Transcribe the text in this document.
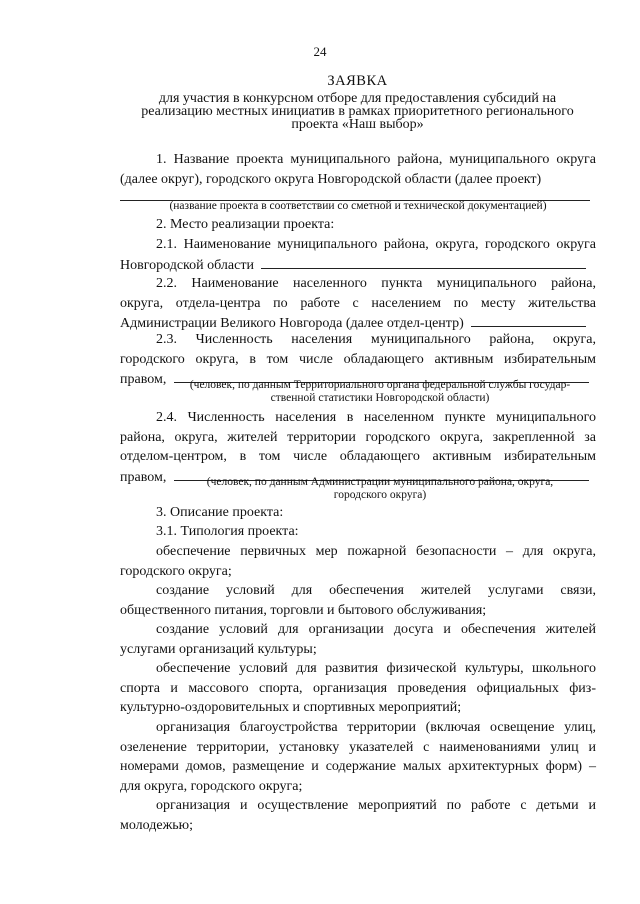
24
ЗАЯВКА
для участия в конкурсном отборе для предоставления субсидий на
реализацию местных инициатив в рамках приоритетного регионального
проекта «Наш выбор»
1. Название проекта муниципального района, муниципального округа
(далее округ), городского округа Новгородской области (далее проект)
(название проекта в соответствии со сметной и технической документацией)
2. Место реализации проекта:
2.1. Наименование муниципального района, округа, городского округа
Новгородской области
2.2. Наименование населенного пункта муниципального района,
округа, отдела-центра по работе с населением по месту жительства
Администрации Великого Новгорода (далее отдел-центр)
2.3. Численность населения муниципального района, округа,
городского округа, в том числе обладающего активным избирательным
правом,	(человек, по данным Территориального органа федеральной службы государ-
ственной статистики Новгородской области)
2.4. Численность населения в населенном пункте муниципального
района, округа, жителей территории городского округа, закрепленной за
отделом-центром, в том числе обладающего активным избирательным
правом,	(человек, по данным Администрации муниципального района, округа,
городского округа)
3. Описание проекта:
3.1. Типология проекта:
обеспечение первичных мер пожарной безопасности – для округа,
городского округа;
создание условий для обеспечения жителей услугами связи,
общественного питания, торговли и бытового обслуживания;
создание условий для организации досуга и обеспечения жителей
услугами организаций культуры;
обеспечение условий для развития физической культуры, школьного
спорта и массового спорта, организация проведения официальных физ-
культурно-оздоровительных и спортивных мероприятий;
организация благоустройства территории (включая освещение улиц,
озеленение территории, установку указателей с наименованиями улиц и
номерами домов, размещение и содержание малых архитектурных форм) –
для округа, городского округа;
организация и осуществление мероприятий по работе с детьми и
молодежью;
